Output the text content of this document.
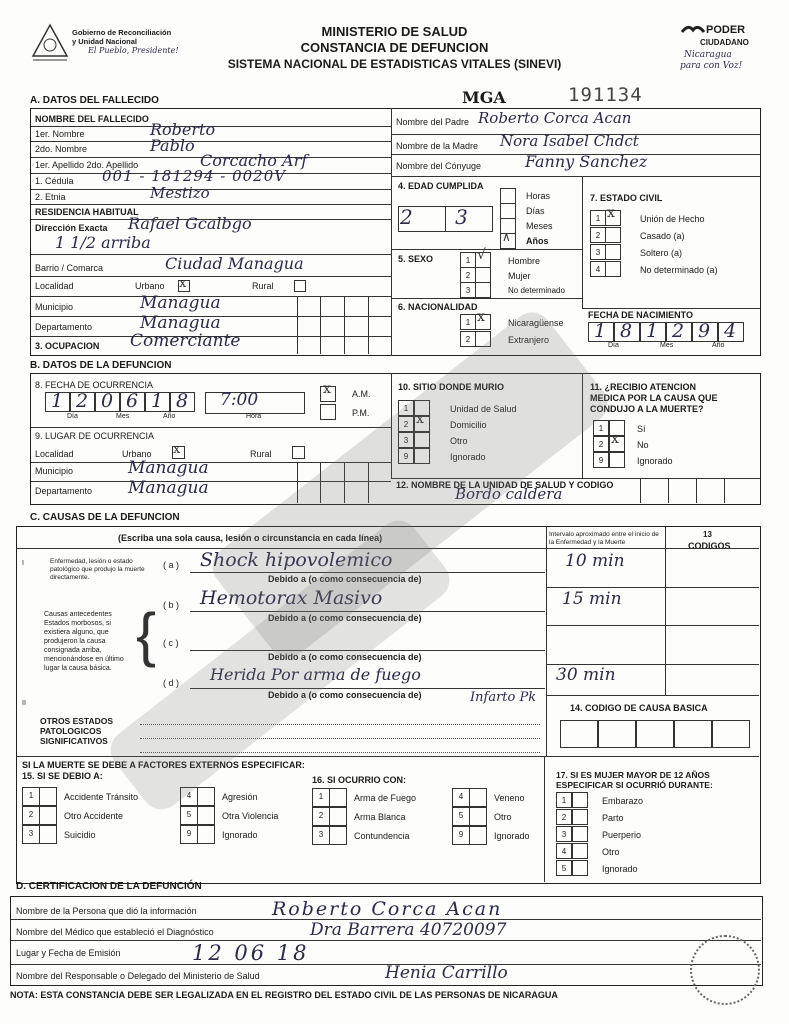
Gobierno de Reconciliación
y Unidad Nacional
El Pueblo, Presidente!
MINISTERIO DE SALUD
CONSTANCIA DE DEFUNCION
SISTEMA NACIONAL DE ESTADISTICAS VITALES (SINEVI)
PODER
CIUDADANO
Nicaragua
para con Voz!
A. DATOS DEL FALLECIDO	MGA	191134
NOMBRE DEL FALLECIDO
1er. Nombre	Roberto
2do. Nombre	Pablo
1er. Apellido 2do. Apellido	Corcacho Arf
1. Cédula 001 - 181294 - 0020V
2. Etnia	Mestizo
RESIDENCIA HABITUAL
Dirección Exacta Rafael Gcalbgo
1 1/2 arriba
Barrio / Comarca	Ciudad Managua
Localidad	Urbano x	Rural
Municipio	Managua
Departamento	Managua
3. OCUPACION Comerciante
Nombre del Padre Roberto Corca Acan
Nombre de la Madre Nora Isabel Chdct
Nombre del Cónyuge	Fanny Sanchez
4. EDAD CUMPLIDA
2 3
∧
Horas
Días
Meses
Años
7. ESTADO CIVIL
1 x
2
3
4
Unión de Hecho
Casado (a)
Soltero (a)
No determinado (a)
5. SEXO	1 √
2
3
Hombre
Mujer
No determinado
6. NACIONALIDAD
1 x
2
Nicaragüense
Extranjero
FECHA DE NACIMIENTO
1 8 1 2 9 4
Día	Mes	Año
B. DATOS DE LA DEFUNCION
8. FECHA DE OCURRENCIA
1 2 0 6 1 8 7:00
Día	Mes	Año	Hora
x A.M.
P.M.
9. LUGAR DE OCURRENCIA
Localidad	Urbano x	Rural
Municipio	Managua
Departamento Managua
10. SITIO DONDE MURIO
1	Unidad de Salud
2 x	Domicilio
3	Otro
9	Ignorado
11. ¿RECIBIO ATENCION
MEDICA POR LA CAUSA QUE
CONDUJO A LA MUERTE?
1	Sí
2 x No
9	Ignorado
12. NOMBRE DE LA UNIDAD DE SALUD Y CODIGO
Bordo caldera
C. CAUSAS DE LA DEFUNCION
(Escriba una sola causa, lesión o circunstancia en cada línea)	Intervalo aproximado entre el inicio de la Enfermedad y la Muerte
13
CODIGOS
I	Enfermedad, lesión o estado patológico que produjo la muerte directamente.
Causas antecedentes Estados morbosos, si existiera alguno, que produjeron la causa consignada arriba, mencionándose en último lugar la causa básica.
{
( a ) Shock hipovolemico	10 min
Debido a (o como consecuencia de)
( b ) Hemotorax Masivo	15 min
Debido a (o como consecuencia de)
( c )
Debido a (o como consecuencia de)
( d ) Herida Por arma de fuego	30 min
Debido a (o como consecuencia de)
II	Infarto Pk
OTROS ESTADOS
PATOLOGICOS
SIGNIFICATIVOS
14. CODIGO DE CAUSA BASICA
SI LA MUERTE SE DEBE A FACTORES EXTERNOS ESPECIFICAR:
15. SI SE DEBIO A:	16. SI OCURRIO CON:	17. SI ES MUJER MAYOR DE 12 AÑOS
ESPECIFICAR SI OCURRIÓ DURANTE:
1	Accidente Tránsito
2	Otro Accidente
3	Suicidio
4	Agresión
5	Otra Violencia
9	Ignorado
1	Arma de Fuego
2	Arma Blanca
3	Contundencia
4	Veneno
5	Otro
9	Ignorado
1	Embarazo
2	Parto
3	Puerperio
4	Otro
5	Ignorado
D. CERTIFICACION DE LA DEFUNCIÓN
Nombre de la Persona que dió la información	Roberto Corca Acan
Nombre del Médico que estableció el Diagnóstico	Dra Barrera 40720097
Lugar y Fecha de Emisión	12 06 18
Nombre del Responsable o Delegado del Ministerio de Salud	Henia Carrillo
NOTA: ESTA CONSTANCIA DEBE SER LEGALIZADA EN EL REGISTRO DEL ESTADO CIVIL DE LAS PERSONAS DE NICARAGUA
